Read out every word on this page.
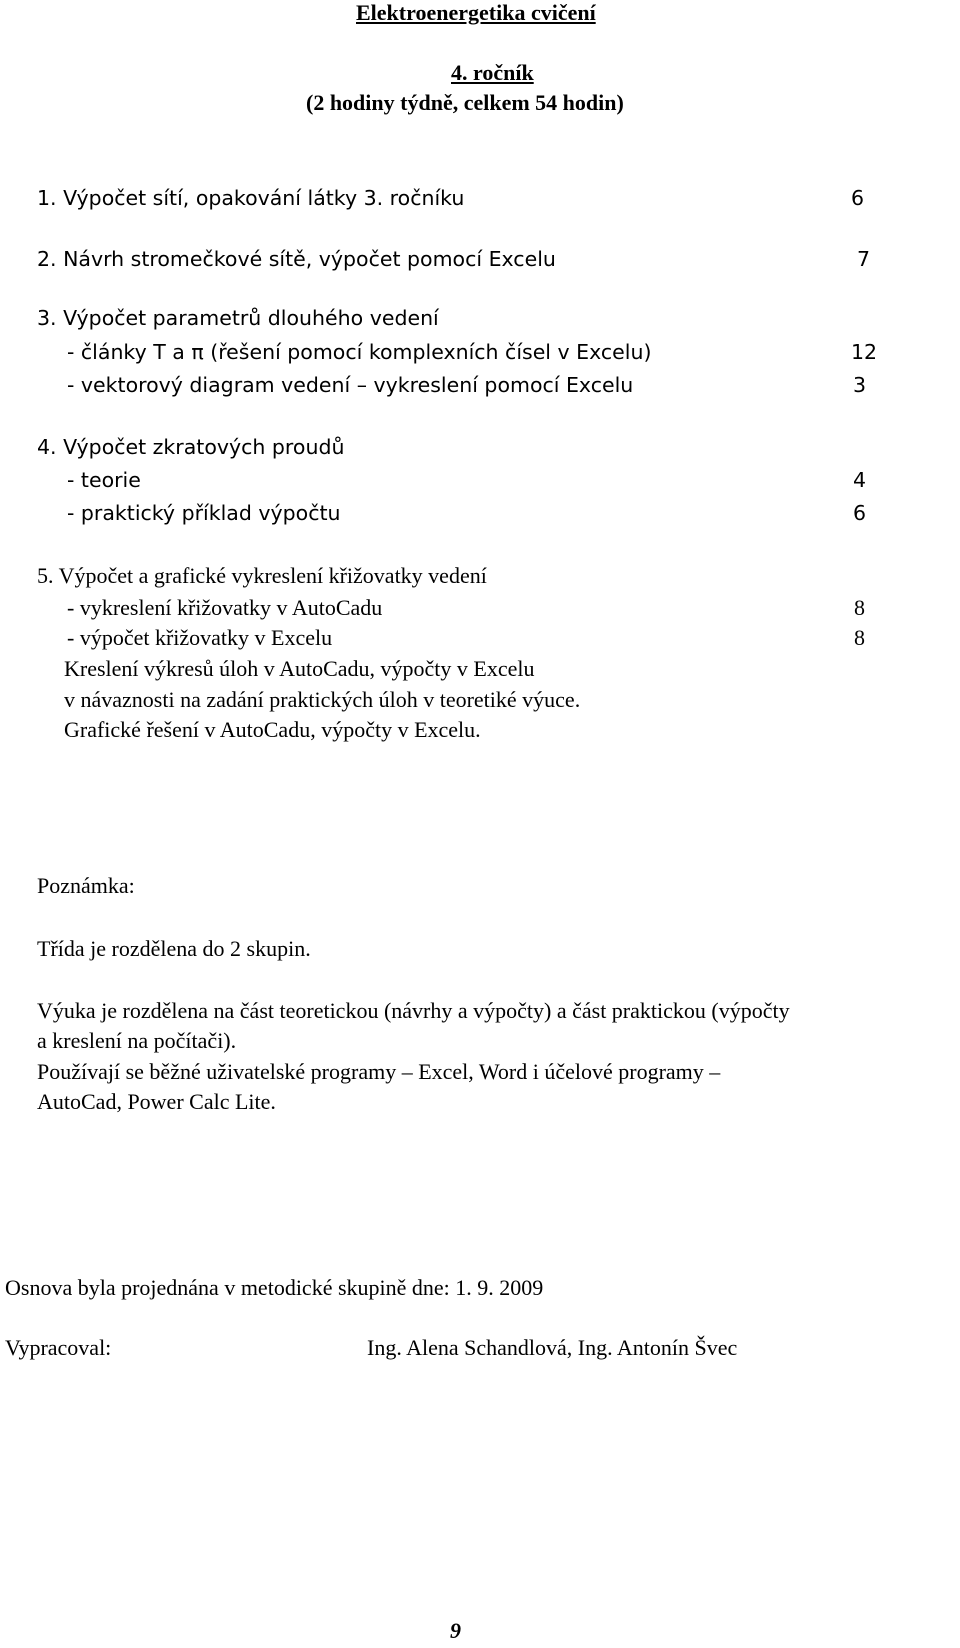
Elektroenergetika cvičení
4. ročník
(2 hodiny týdně, celkem 54 hodin)
1. Výpočet sítí, opakování látky 3. ročníku	6
2. Návrh stromečkové sítě, výpočet pomocí Excelu	7
3. Výpočet parametrů dlouhého vedení
- články T a π (řešení pomocí komplexních čísel v Excelu)	12
- vektorový diagram vedení – vykreslení pomocí Excelu	3
4. Výpočet zkratových proudů
- teorie	4
- praktický příklad výpočtu	6
5. Výpočet a grafické vykreslení křižovatky vedení
- vykreslení křižovatky v AutoCadu	8
- výpočet křižovatky v Excelu	8
Kreslení výkresů úloh v AutoCadu, výpočty v Excelu
v návaznosti na zadání praktických úloh v teoretiké výuce.
Grafické řešení v AutoCadu, výpočty v Excelu.
Poznámka:
Třída je rozdělena do 2 skupin.
Výuka je rozdělena na část teoretickou (návrhy a výpočty) a část praktickou (výpočty
a kreslení na počítači).
Používají se běžné uživatelské programy – Excel, Word i účelové programy –
AutoCad, Power Calc Lite.
Osnova byla projednána v metodické skupině dne: 1. 9. 2009
Vypracoval:	Ing. Alena Schandlová, Ing. Antonín Švec
9
